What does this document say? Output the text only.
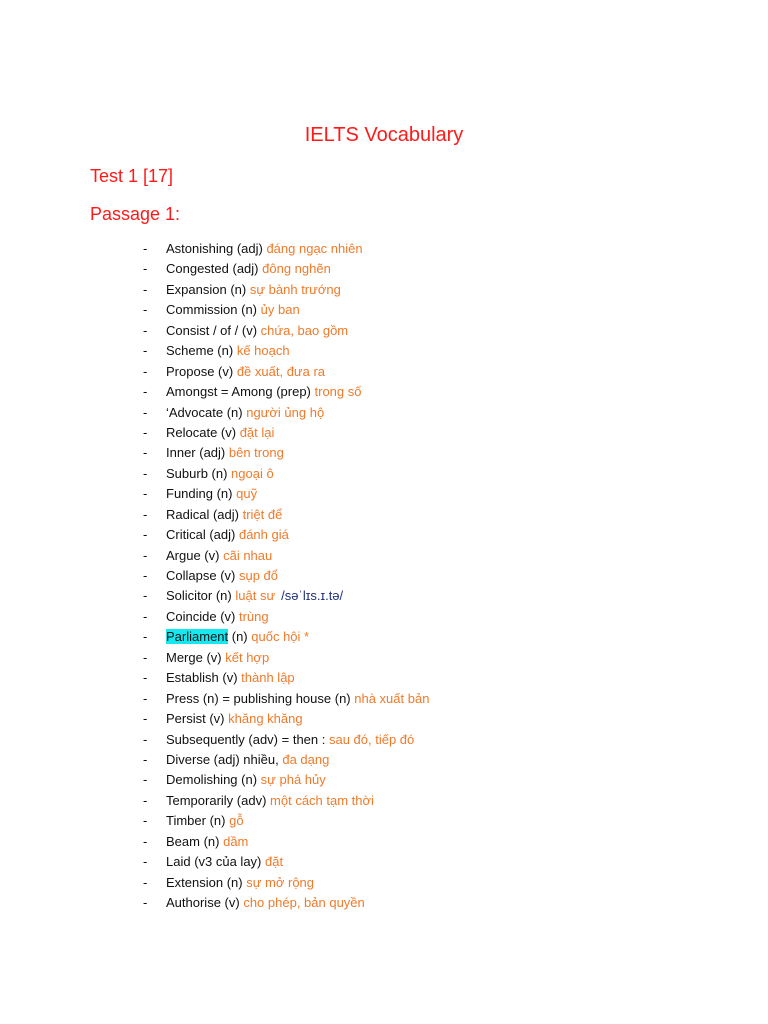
IELTS Vocabulary
Test 1 [17]
Passage 1:
- Astonishing (adj) đáng ngạc nhiên
- Congested (adj) đông nghẽn
- Expansion (n) sự bành trướng
- Commission (n) ủy ban
- Consist / of / (v) chứa, bao gồm
- Scheme (n) kế hoạch
- Propose (v) đề xuất, đưa ra
- Amongst = Among (prep) trong số
- ‘Advocate (n) người ủng hộ
- Relocate (v) đặt lại
- Inner (adj) bên trong
- Suburb (n) ngoại ô
- Funding (n) quỹ
- Radical (adj) triệt để
- Critical (adj) đánh giá
- Argue (v) cãi nhau
- Collapse (v) sụp đổ
- Solicitor (n) luật sư /səˈlɪs.ɪ.tə/
- Coincide (v) trùng
- Parliament (n) quốc hội *
- Merge (v) kết hợp
- Establish (v) thành lập
- Press (n) = publishing house (n) nhà xuất bản
- Persist (v) khăng khăng
- Subsequently (adv) = then : sau đó, tiếp đó
- Diverse (adj) nhiều, đa dạng
- Demolishing (n) sự phá hủy
- Temporarily (adv) một cách tạm thời
- Timber (n) gỗ
- Beam (n) dầm
- Laid (v3 của lay) đặt
- Extension (n) sự mở rộng
- Authorise (v) cho phép, bản quyền
